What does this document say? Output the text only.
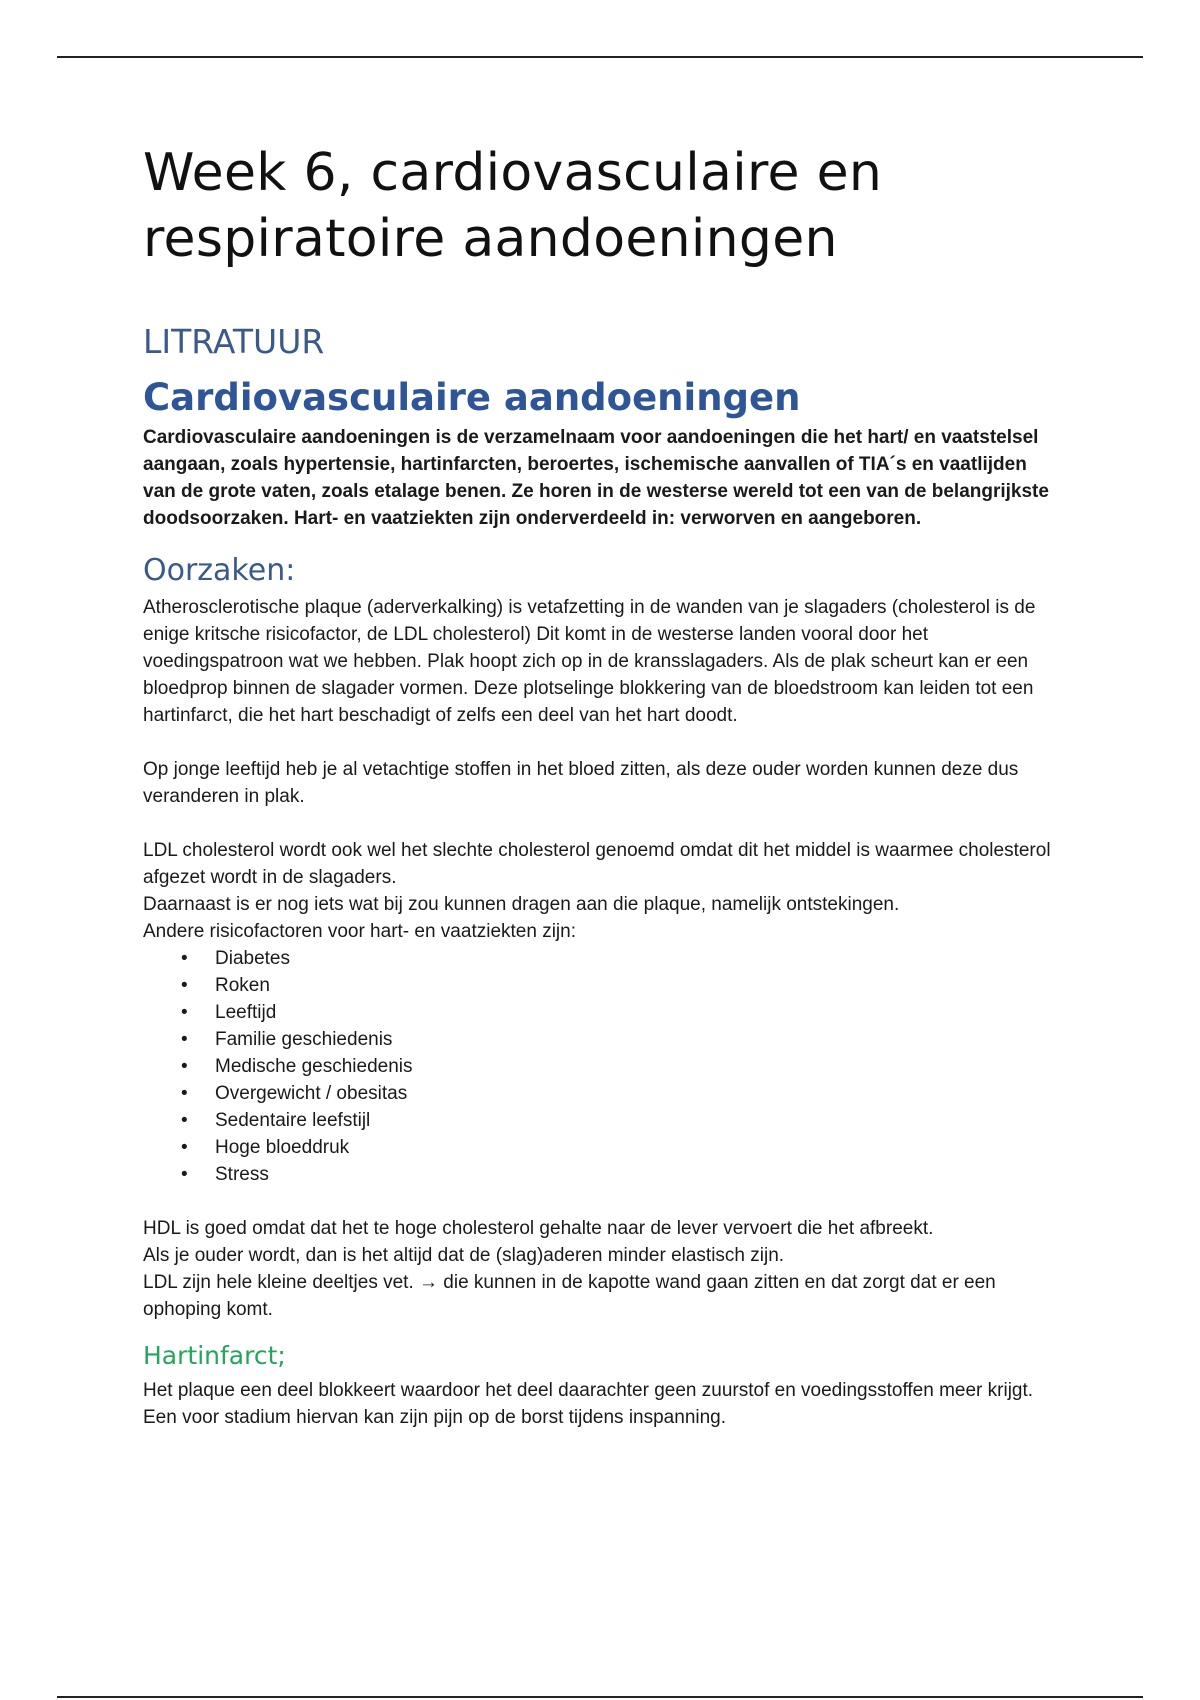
Week 6, cardiovasculaire en
respiratoire aandoeningen
LITRATUUR
Cardiovasculaire aandoeningen

Cardiovasculaire aandoeningen is de verzamelnaam voor aandoeningen die het hart/ en vaatstelsel aangaan, zoals hypertensie, hartinfarcten, beroertes, ischemische aanvallen of TIA´s en vaatlijden van de grote vaten, zoals etalage benen. Ze horen in de westerse wereld tot een van de belangrijkste doodsoorzaken. Hart- en vaatziekten zijn onderverdeeld in: verworven en aangeboren.

Oorzaken:

Atherosclerotische plaque (aderverkalking) is vetafzetting in de wanden van je slagaders (cholesterol is de enige kritsche risicofactor, de LDL cholesterol) Dit komt in de westerse landen vooral door het voedingspatroon wat we hebben. Plak hoopt zich op in de kransslagaders. Als de plak scheurt kan er een bloedprop binnen de slagader vormen. Deze plotselinge blokkering van de bloedstroom kan leiden tot een hartinfarct, die het hart beschadigt of zelfs een deel van het hart doodt.

Op jonge leeftijd heb je al vetachtige stoffen in het bloed zitten, als deze ouder worden kunnen deze dus veranderen in plak.

LDL cholesterol wordt ook wel het slechte cholesterol genoemd omdat dit het middel is waarmee cholesterol afgezet wordt in de slagaders.

Daarnaast is er nog iets wat bij zou kunnen dragen aan die plaque, namelijk ontstekingen.

Andere risicofactoren voor hart- en vaatziekten zijn:

• Diabetes
• Roken
• Leeftijd
• Familie geschiedenis
• Medische geschiedenis
• Overgewicht / obesitas
• Sedentaire leefstijl
• Hoge bloeddruk
• Stress

HDL is goed omdat dat het te hoge cholesterol gehalte naar de lever vervoert die het afbreekt.

Als je ouder wordt, dan is het altijd dat de (slag)aderen minder elastisch zijn.

LDL zijn hele kleine deeltjes vet. → die kunnen in de kapotte wand gaan zitten en dat zorgt dat er een ophoping komt.

Hartinfarct;

Het plaque een deel blokkeert waardoor het deel daarachter geen zuurstof en voedingsstoffen meer krijgt. Een voor stadium hiervan kan zijn pijn op de borst tijdens inspanning.
